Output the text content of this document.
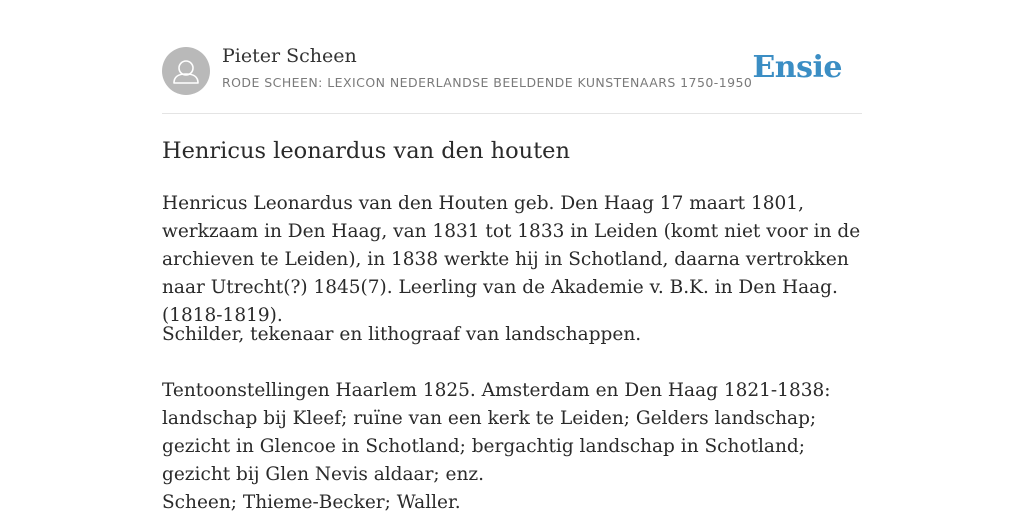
Pieter Scheen
RODE SCHEEN: LEXICON NEDERLANDSE BEELDENDE KUNSTENAARS 1750-1950 Ensie
Henricus leonardus van den houten

Henricus Leonardus van den Houten geb. Den Haag 17 maart 1801, werkzaam in Den Haag, van 1831 tot 1833 in Leiden (komt niet voor in de archieven te Leiden), in 1838 werkte hij in Schotland, daarna vertrokken naar Utrecht(?) 1845(7). Leerling van de Akademie v. B.K. in Den Haag. (1818-1819).

Schilder, tekenaar en lithograaf van landschappen.

Tentoonstellingen Haarlem 1825. Amsterdam en Den Haag 1821-1838: landschap bij Kleef; ruïne van een kerk te Leiden; Gelders landschap; gezicht in Glencoe in Schotland; bergachtig landschap in Schotland; gezicht bij Glen Nevis aldaar; enz.

Scheen; Thieme-Becker; Waller.
